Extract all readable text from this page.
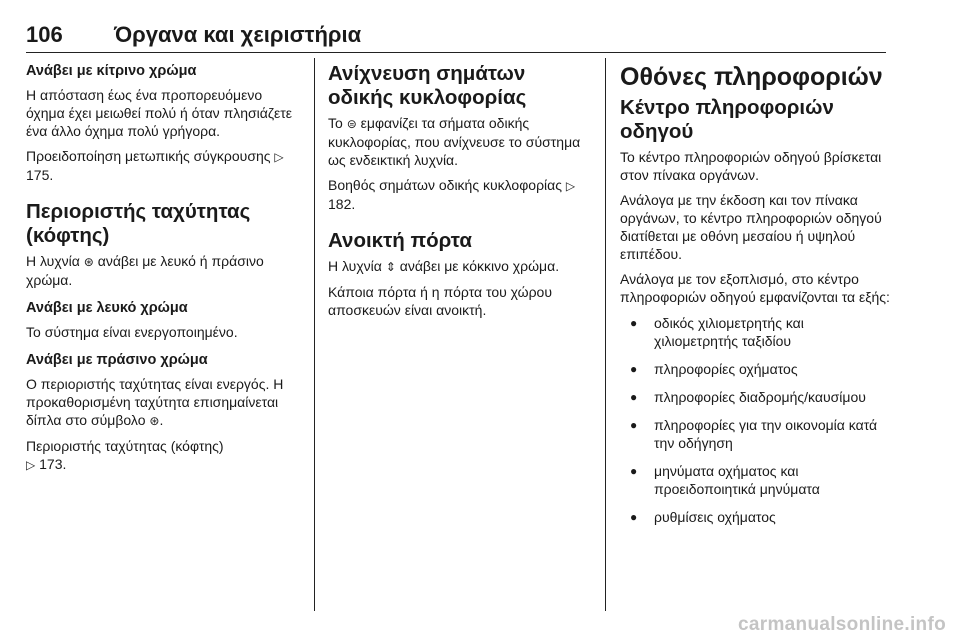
106 Όργανα και χειριστήρια
Ανάβει με κίτρινο χρώμα

Η απόσταση έως ένα προπορευόμενο όχημα έχει μειωθεί πολύ ή όταν πλησιάζετε ένα άλλο όχημα πολύ γρήγορα.

Προειδοποίηση μετωπικής σύγκρουσης ▷ 175.

Περιοριστής ταχύτητας (κόφτης)

Η λυχνία ⊛ ανάβει με λευκό ή πράσινο χρώμα.

Ανάβει με λευκό χρώμα

Το σύστημα είναι ενεργοποιημένο.

Ανάβει με πράσινο χρώμα

Ο περιοριστής ταχύτητας είναι ενεργός. Η προκαθορισμένη ταχύτητα επισημαίνεται δίπλα στο σύμβολο ⊛.

Περιοριστής ταχύτητας (κόφτης)
▷ 173.

Ανίχνευση σημάτων οδικής κυκλοφορίας

Το ⊜ εμφανίζει τα σήματα οδικής κυκλοφορίας, που ανίχνευσε το σύστημα ως ενδεικτική λυχνία.

Βοηθός σημάτων οδικής κυκλοφορίας ▷ 182.

Ανοικτή πόρτα

Η λυχνία ⇕ ανάβει με κόκκινο χρώμα.

Κάποια πόρτα ή η πόρτα του χώρου αποσκευών είναι ανοικτή.

Οθόνες πληροφοριών
Κέντρο πληροφοριών οδηγού

Το κέντρο πληροφοριών οδηγού βρίσκεται στον πίνακα οργάνων.

Ανάλογα με την έκδοση και τον πίνακα οργάνων, το κέντρο πληροφοριών οδηγού διατίθεται με οθόνη μεσαίου ή υψηλού επιπέδου.

Ανάλογα με τον εξοπλισμό, στο κέντρο πληροφοριών οδηγού εμφανίζονται τα εξής:

● οδικός χιλιομετρητής και χιλιομετρητής ταξιδίου
● πληροφορίες οχήματος
● πληροφορίες διαδρομής/καυσίμου
● πληροφορίες για την οικονομία κατά την οδήγηση
● μηνύματα οχήματος και προειδοποιητικά μηνύματα
● ρυθμίσεις οχήματος
carmanualsonline.info
